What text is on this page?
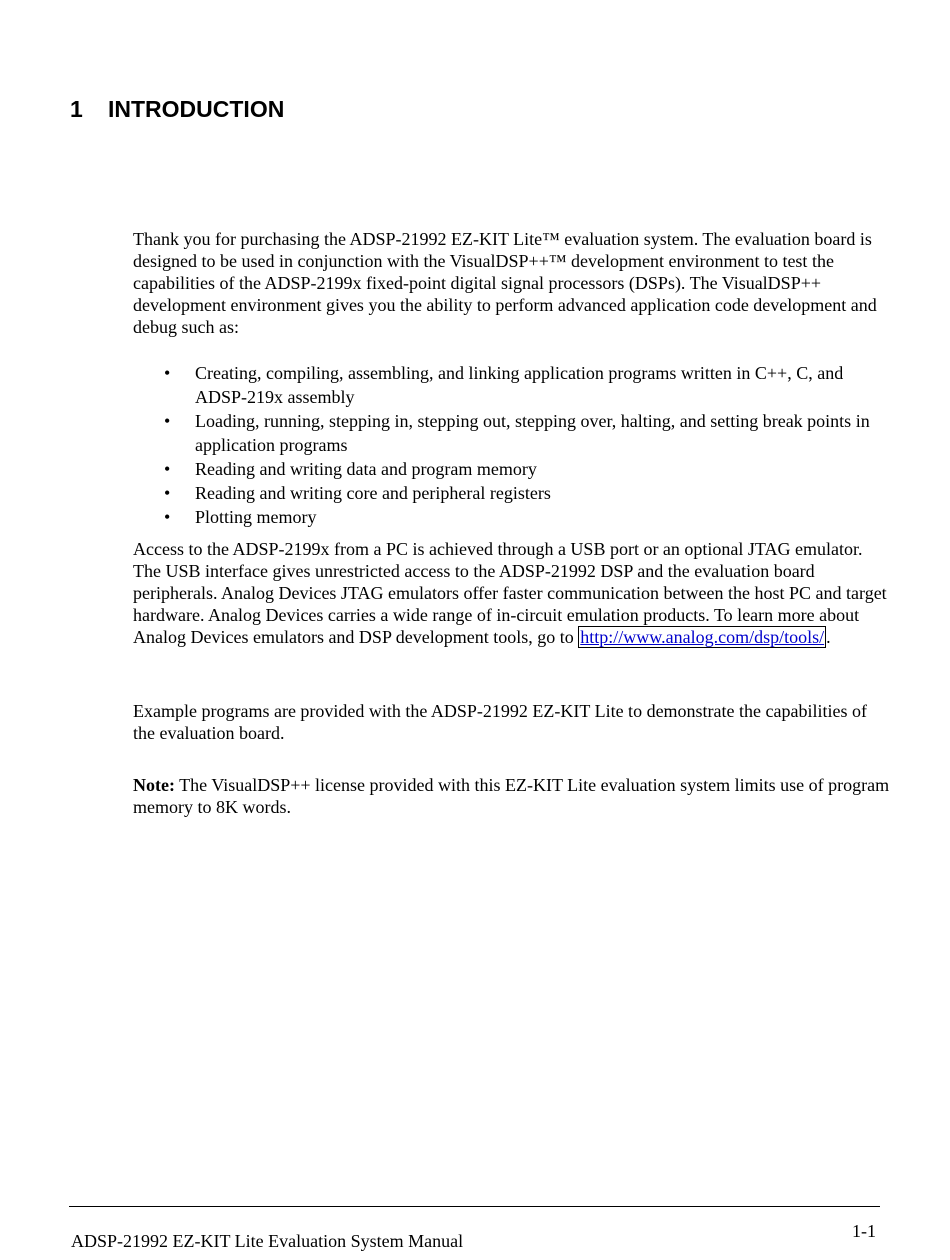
1 INTRODUCTION

Thank you for purchasing the ADSP-21992 EZ-KIT Lite™ evaluation system. The evaluation board is designed to be used in conjunction with the VisualDSP++™ development environment to test the capabilities of the ADSP-2199x fixed-point digital signal processors (DSPs). The VisualDSP++ development environment gives you the ability to perform advanced application code development and debug such as:

• Creating, compiling, assembling, and linking application programs written in C++, C, and ADSP-219x assembly
• Loading, running, stepping in, stepping out, stepping over, halting, and setting break points in application programs
• Reading and writing data and program memory
• Reading and writing core and peripheral registers
• Plotting memory

Access to the ADSP-2199x from a PC is achieved through a USB port or an optional JTAG emulator. The USB interface gives unrestricted access to the ADSP-21992 DSP and the evaluation board peripherals. Analog Devices JTAG emulators offer faster communication between the host PC and target hardware. Analog Devices carries a wide range of in-circuit emulation products. To learn more about Analog Devices emulators and DSP development tools, go to http://www.analog.com/dsp/tools/ .

Example programs are provided with the ADSP-21992 EZ-KIT Lite to demonstrate the capabilities of the evaluation board.

Note: The VisualDSP++ license provided with this EZ-KIT Lite evaluation system limits use of program memory to 8K words.

ADSP-21992 EZ-KIT Lite Evaluation System Manual	1-1
